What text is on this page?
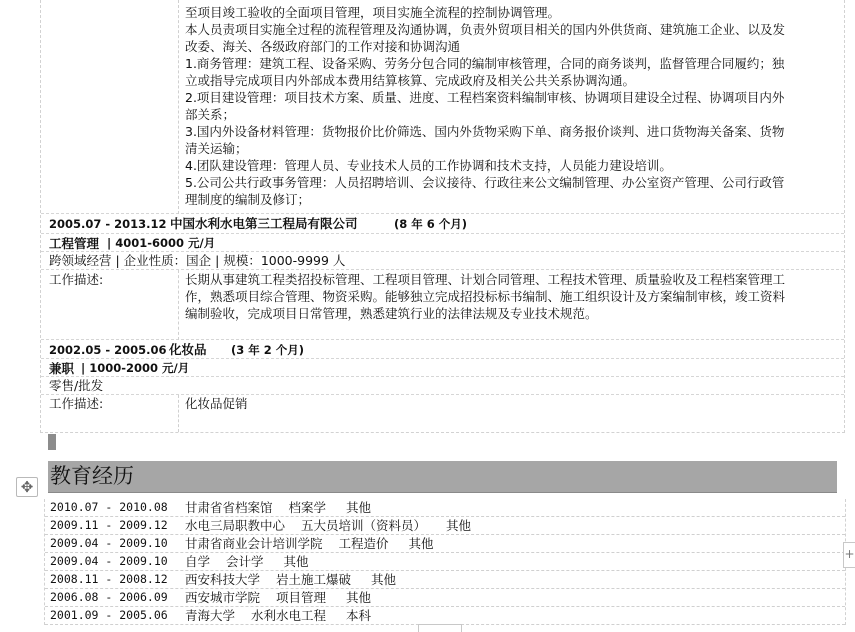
至项目竣工验收的全面项目管理，项目实施全流程的控制协调管理。

本人员责项目实施全过程的流程管理及沟通协调，负责外贸项目相关的国内外供货商、建筑施工企业、以及发

改委、海关、各级政府部门的工作对接和协调沟通

1.商务管理：建筑工程、设备采购、劳务分包合同的编制审核管理，合同的商务谈判，监督管理合同履约；独

立或指导完成项目内外部成本费用结算核算、完成政府及相关公共关系协调沟通。

2.项目建设管理：项目技术方案、质量、进度、工程档案资料编制审核、协调项目建设全过程、协调项目内外

部关系；

3.国内外设备材料管理：货物报价比价筛选、国内外货物采购下单、商务报价谈判、进口货物海关备案、货物

清关运输；

4.团队建设管理：管理人员、专业技术人员的工作协调和技术支持，人员能力建设培训。

5.公司公共行政事务管理：人员招聘培训、会议接待、行政往来公文编制管理、办公室资产管理、公司行政管

理制度的编制及修订；

2005.07 - 2013.12 中国水利水电第三工程局有限公司	(8 年 6 个月)
工程管理 | 4001-6000 元/月
跨领域经营 | 企业性质：国企 | 规模：1000-9999 人
工作描述:	长期从事建筑工程类招投标管理、工程项目管理、计划合同管理、工程技术管理、质量验收及工程档案管理工

作，熟悉项目综合管理、物资采购。能够独立完成招投标标书编制、施工组织设计及方案编制审核，竣工资料

编制验收，完成项目日常管理，熟悉建筑行业的法律法规及专业技术规范。

2002.05 - 2005.06 化妆品 (3 年 2 个月)
兼职 | 1000-2000 元/月
零售/批发
工作描述:	化妆品促销

✥ 教育经历
2010.07 - 2010.08 甘肃省省档案馆 档案学 其他
2009.11 - 2009.12 水电三局职教中心 五大员培训（资料员） 其他
2009.04 - 2009.10 甘肃省商业会计培训学院 工程造价 其他
2009.04 - 2009.10 自学 会计学 其他
2008.11 - 2008.12 西安科技大学 岩土施工爆破 其他
2006.08 - 2006.09 西安城市学院 项目管理 其他
2001.09 - 2005.06 青海大学 水利水电工程 本科
+
